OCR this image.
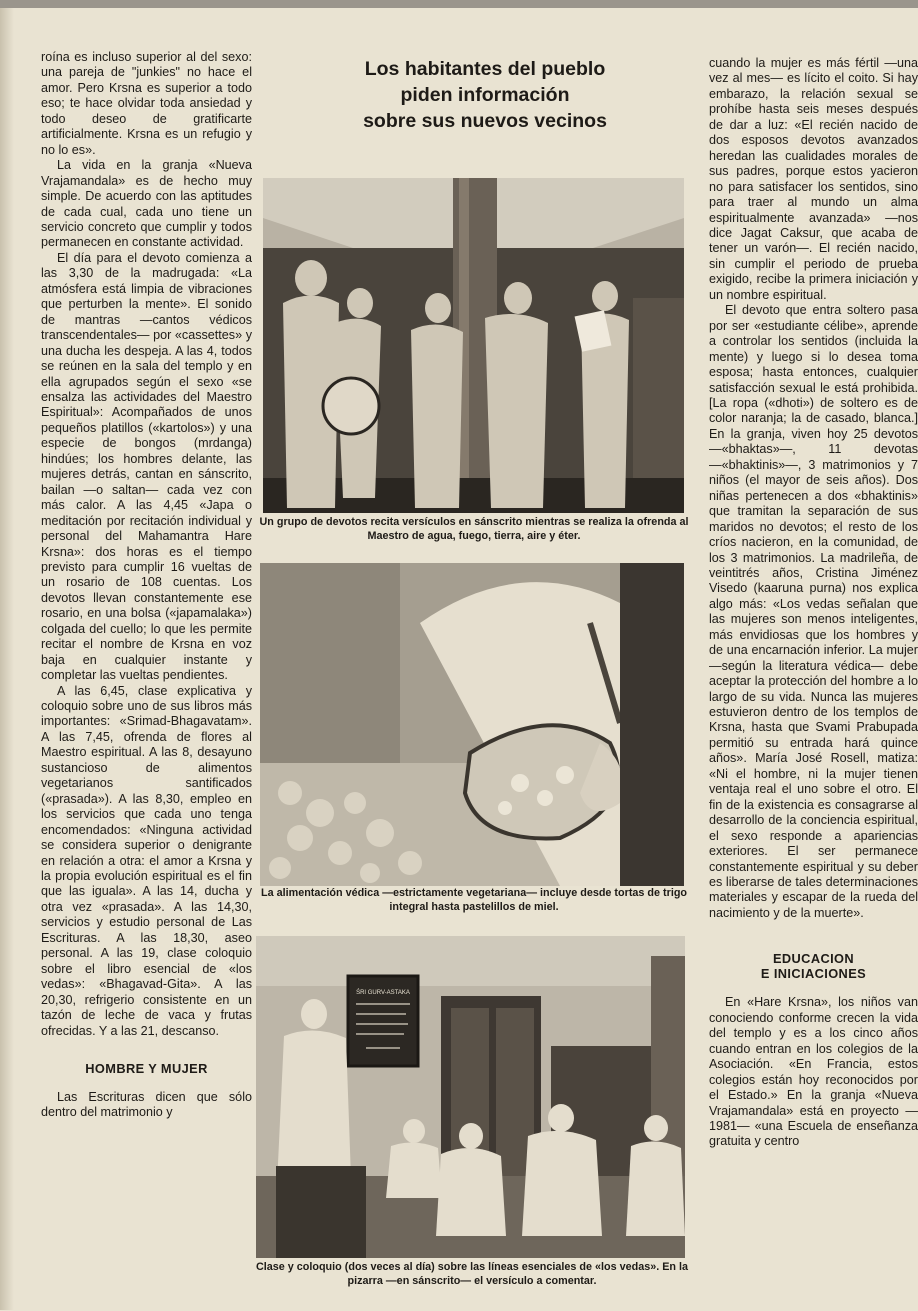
roína es incluso superior al del sexo: una pareja de "junkies" no hace el amor. Pero Krsna es superior a todo eso; te hace olvidar toda ansiedad y todo deseo de gratificarte artificialmente. Krsna es un refugio y no lo es».

La vida en la granja «Nueva Vrajamandala» es de hecho muy simple. De acuerdo con las aptitudes de cada cual, cada uno tiene un servicio concreto que cumplir y todos permanecen en constante actividad.

El día para el devoto comienza a las 3,30 de la madrugada: «La atmósfera está limpia de vibraciones que perturben la mente». El sonido de mantras —cantos védicos transcendentales— por «cassettes» y una ducha les despeja. A las 4, todos se reúnen en la sala del templo y en ella agrupados según el sexo «se ensalza las actividades del Maestro Espiritual»: Acompañados de unos pequeños platillos («kartolos») y una especie de bongos (mrdanga) hindúes; los hombres delante, las mujeres detrás, cantan en sánscrito, bailan —o saltan— cada vez con más calor. A las 4,45 «Japa o meditación por recitación individual y personal del Mahamantra Hare Krsna»: dos horas es el tiempo previsto para cumplir 16 vueltas de un rosario de 108 cuentas. Los devotos llevan constantemente ese rosario, en una bolsa («japamalaka») colgada del cuello; lo que les permite recitar el nombre de Krsna en voz baja en cualquier instante y completar las vueltas pendientes.

A las 6,45, clase explicativa y coloquio sobre uno de sus libros más importantes: «Srimad-Bhagavatam». A las 7,45, ofrenda de flores al Maestro espiritual. A las 8, desayuno sustancioso de alimentos vegetarianos santificados («prasada»). A las 8,30, empleo en los servicios que cada uno tenga encomendados: «Ninguna actividad se considera superior o denigrante en relación a otra: el amor a Krsna y la propia evolución espiritual es el fin que las iguala». A las 14, ducha y otra vez «prasada». A las 14,30, servicios y estudio personal de Las Escrituras. A las 18,30, aseo personal. A las 19, clase coloquio sobre el libro esencial de «los vedas»: «Bhagavad-Gita». A las 20,30, refrigerio consistente en un tazón de leche de vaca y frutas ofrecidas. Y a las 21, descanso.

HOMBRE Y MUJER

Las Escrituras dicen que sólo dentro del matrimonio y

Los habitantes del pueblo
piden información
sobre sus nuevos vecinos
Un grupo de devotos recita versículos en sánscrito mientras se realiza la ofrenda al Maestro de agua, fuego, tierra, aire y éter.
La alimentación védica —estrictamente vegetariana— incluye desde tortas de trigo integral hasta pastelillos de miel.
ŚRI GURV-ASTAKA
Clase y coloquio (dos veces al día) sobre las líneas esenciales de «los vedas». En la pizarra —en sánscrito— el versículo a comentar.

cuando la mujer es más fértil —una vez al mes— es lícito el coito. Si hay embarazo, la relación sexual se prohíbe hasta seis meses después de dar a luz: «El recién nacido de dos esposos devotos avanzados heredan las cualidades morales de sus padres, porque estos yacieron no para satisfacer los sentidos, sino para traer al mundo un alma espiritualmente avanzada» —nos dice Jagat Caksur, que acaba de tener un varón—. El recién nacido, sin cumplir el periodo de prueba exigido, recibe la primera iniciación y un nombre espiritual.

El devoto que entra soltero pasa por ser «estudiante célibe», aprende a controlar los sentidos (incluida la mente) y luego si lo desea toma esposa; hasta entonces, cualquier satisfacción sexual le está prohibida. [La ropa («dhoti») de soltero es de color naranja; la de casado, blanca.] En la granja, viven hoy 25 devotos —«bhaktas»—, 11 devotas —«bhaktinis»—, 3 matrimonios y 7 niños (el mayor de seis años). Dos niñas pertenecen a dos «bhaktinis» que tramitan la separación de sus maridos no devotos; el resto de los críos nacieron, en la comunidad, de los 3 matrimonios. La madrileña, de veintitrés años, Cristina Jiménez Visedo (kaaruna purna) nos explica algo más: «Los vedas señalan que las mujeres son menos inteligentes, más envidiosas que los hombres y de una encarnación inferior. La mujer —según la literatura védica— debe aceptar la protección del hombre a lo largo de su vida. Nunca las mujeres estuvieron dentro de los templos de Krsna, hasta que Svami Prabupada permitió su entrada hará quince años». María José Rosell, matiza: «Ni el hombre, ni la mujer tienen ventaja real el uno sobre el otro. El fin de la existencia es consagrarse al desarrollo de la conciencia espiritual, el sexo responde a apariencias exteriores. El ser permanece constantemente espiritual y su deber es liberarse de tales determinaciones materiales y escapar de la rueda del nacimiento y de la muerte».

EDUCACION
E INICIACIONES

En «Hare Krsna», los niños van conociendo conforme crecen la vida del templo y es a los cinco años cuando entran en los colegios de la Asociación. «En Francia, estos colegios están hoy reconocidos por el Estado.» En la granja «Nueva Vrajamandala» está en proyecto —1981— «una Escuela de enseñanza gratuita y centro
